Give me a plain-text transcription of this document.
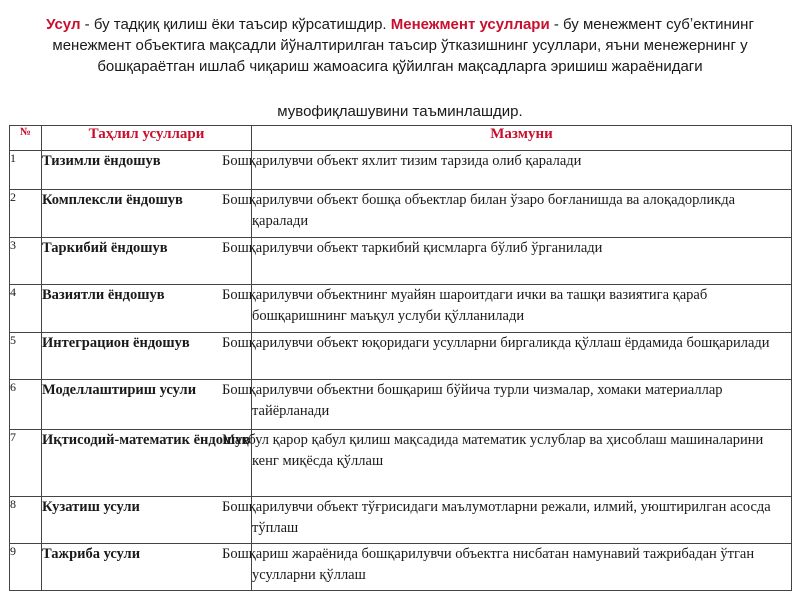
Усул - бу тадқиқ қилиш ёки таъсир кўрсатишдир. Менежмент усуллари - бу менежмент субʼектининг
менежмент объектига мақсадли йўналтирилган таъсир ўтказишнинг усуллари, яъни менежернинг у
бошқараётган ишлаб чиқариш жамоасига қўйилган мақсадларга эришиш жараёнидаги
мувофиқлашувини таъминлашдир.
№	Таҳлил усуллари	Мазмуни
1	Тизимли ёндошув	Бошқарилувчи объект яхлит тизим тарзида олиб қаралади
2	Комплексли ёндошув	Бошқарилувчи объект бошқа объектлар билан ўзаро боғланишда ва алоқадорликда қаралади
3	Таркибий ёндошув	Бошқарилувчи объект таркибий қисмларга бўлиб ўрганилади
4	Вазиятли ёндошув	Бошқарилувчи объектнинг муайян шароитдаги ички ва ташқи вазиятига қараб бошқаришнинг маъқул услуби қўлланилади
5	Интеграцион ёндошув	Бошқарилувчи объект юқоридаги усулларни биргаликда қўллаш ёрдамида бошқарилади
6	Моделлаштириш усули	Бошқарилувчи объектни бошқариш бўйича турли чизмалар, хомаки материаллар тайёрланади
7	Иқтисодий-математик ёндошув	Мақбул қарор қабул қилиш мақсадида математик услублар ва ҳисоблаш машиналарини кенг миқёсда қўллаш
8	Кузатиш усули	Бошқарилувчи объект тўғрисидаги маълумотларни режали, илмий, уюштирилган асосда тўплаш
9	Тажриба усули	Бошқариш жараёнида бошқарилувчи объектга нисбатан намунавий тажрибадан ўтган усулларни қўллаш
